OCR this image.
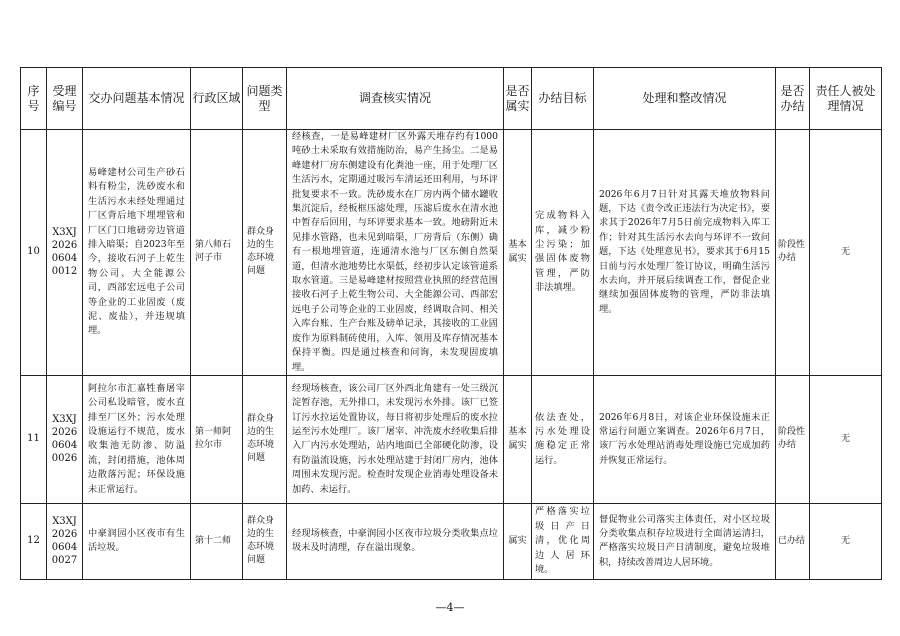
序号	受理编号	交办问题基本情况	行政区域	问题类型	调查核实情况	是否属实	办结目标	处理和整改情况	是否办结	责任人被处理情况
10	X3XJ202606040012	易峰建材公司生产砂石料有粉尘，洗砂废水和生活污水未经处理通过厂区背后地下埋埋管和厂区门口地磅旁边管道排入暗渠；自2023年至今，接收石河子上乾生物公司、大全能源公司，西部宏远电子公司等企业的工业固废（废泥、废盐），并违规填埋。	第八师石河子市	群众身边的生态环境问题	经核查，一是易峰建材厂区外露天堆存约有1000吨砂土未采取有效措施防治，易产生扬尘。二是易峰建材厂房东侧建设有化粪池一座，用于处理厂区生活污水，定期通过吸污车清运还田利用，与环评批复要求不一致。洗砂废水在厂房内两个储水罐收集沉淀后，经板框压滤处理，压滤后废水在清水池中暂存后回用，与环评要求基本一致。地磅附近未见排水管路，也未见到暗渠，厂房背后（东侧）确有一根地埋管道，连通清水池与厂区东侧自然渠道，但清水池地势比水渠低，经初步认定该管道系取水管道。三是易峰建材按照营业执照的经营范围接收石河子上乾生物公司、大全能源公司、西部宏远电子公司等企业的工业固废，经调取合同、相关入库台账、生产台账及磅单记录，其接收的工业固废作为原料制砖使用，入库、领用及库存情况基本保持平衡。四是通过核查和问询，未发现固废填埋。	基本属实	完成物料入库，减少粉尘污染；加强固体废物管理，严防非法填埋。	2026年6月7日针对其露天堆放物料问题，下达《责令改正违法行为决定书》，要求其于2026年7月5日前完成物料入库工作；针对其生活污水去向与环评不一致问题，下达《处理意见书》，要求其于6月15日前与污水处理厂签订协议，明确生活污水去向，并开展后续调查工作，督促企业继续加强固体废物的管理，严防非法填埋。	阶段性办结	无
11	X3XJ202606040026	阿拉尔市汇嘉牲畜屠宰公司私设暗管，废水直排至厂区外；污水处理设施运行不规范，废水收集池无防渗、防溢流，封闭措施，池体周边散落污泥；环保设施未正常运行。	第一师阿拉尔市	群众身边的生态环境问题	经现场核查，该公司厂区外西北角建有一处三级沉淀暂存池，无外排口，未发现污水外排。该厂已签订污水拉运处置协议，每日将初步处理后的废水拉运至污水处理厂。该厂屠宰、冲洗废水经收集后排入厂内污水处理站，站内地面已全部硬化防渗，设有防溢流设施，污水处理站建于封闭厂房内，池体周围未发现污泥。检查时发现企业消毒处理设备未加药、未运行。	基本属实	依法查处，污水处理设施稳定正常运行。	2026年6月8日，对该企业环保设施未正常运行问题立案调查。2026年6月7日，该厂污水处理站消毒处理设施已完成加药并恢复正常运行。	阶段性办结	无
12	X3XJ202606040027	中豪润园小区夜市有生活垃圾。	第十二师	群众身边的生态环境问题	经现场核查，中豪润园小区夜市垃圾分类收集点垃圾未及时清理，存在溢出现象。	属实	严格落实垃圾日产日清，优化周边人居环境。	督促物业公司落实主体责任，对小区垃圾分类收集点积存垃圾进行全面清运清扫，严格落实垃圾日产日清制度，避免垃圾堆积，持续改善周边人居环境。	已办结	无
—4—
